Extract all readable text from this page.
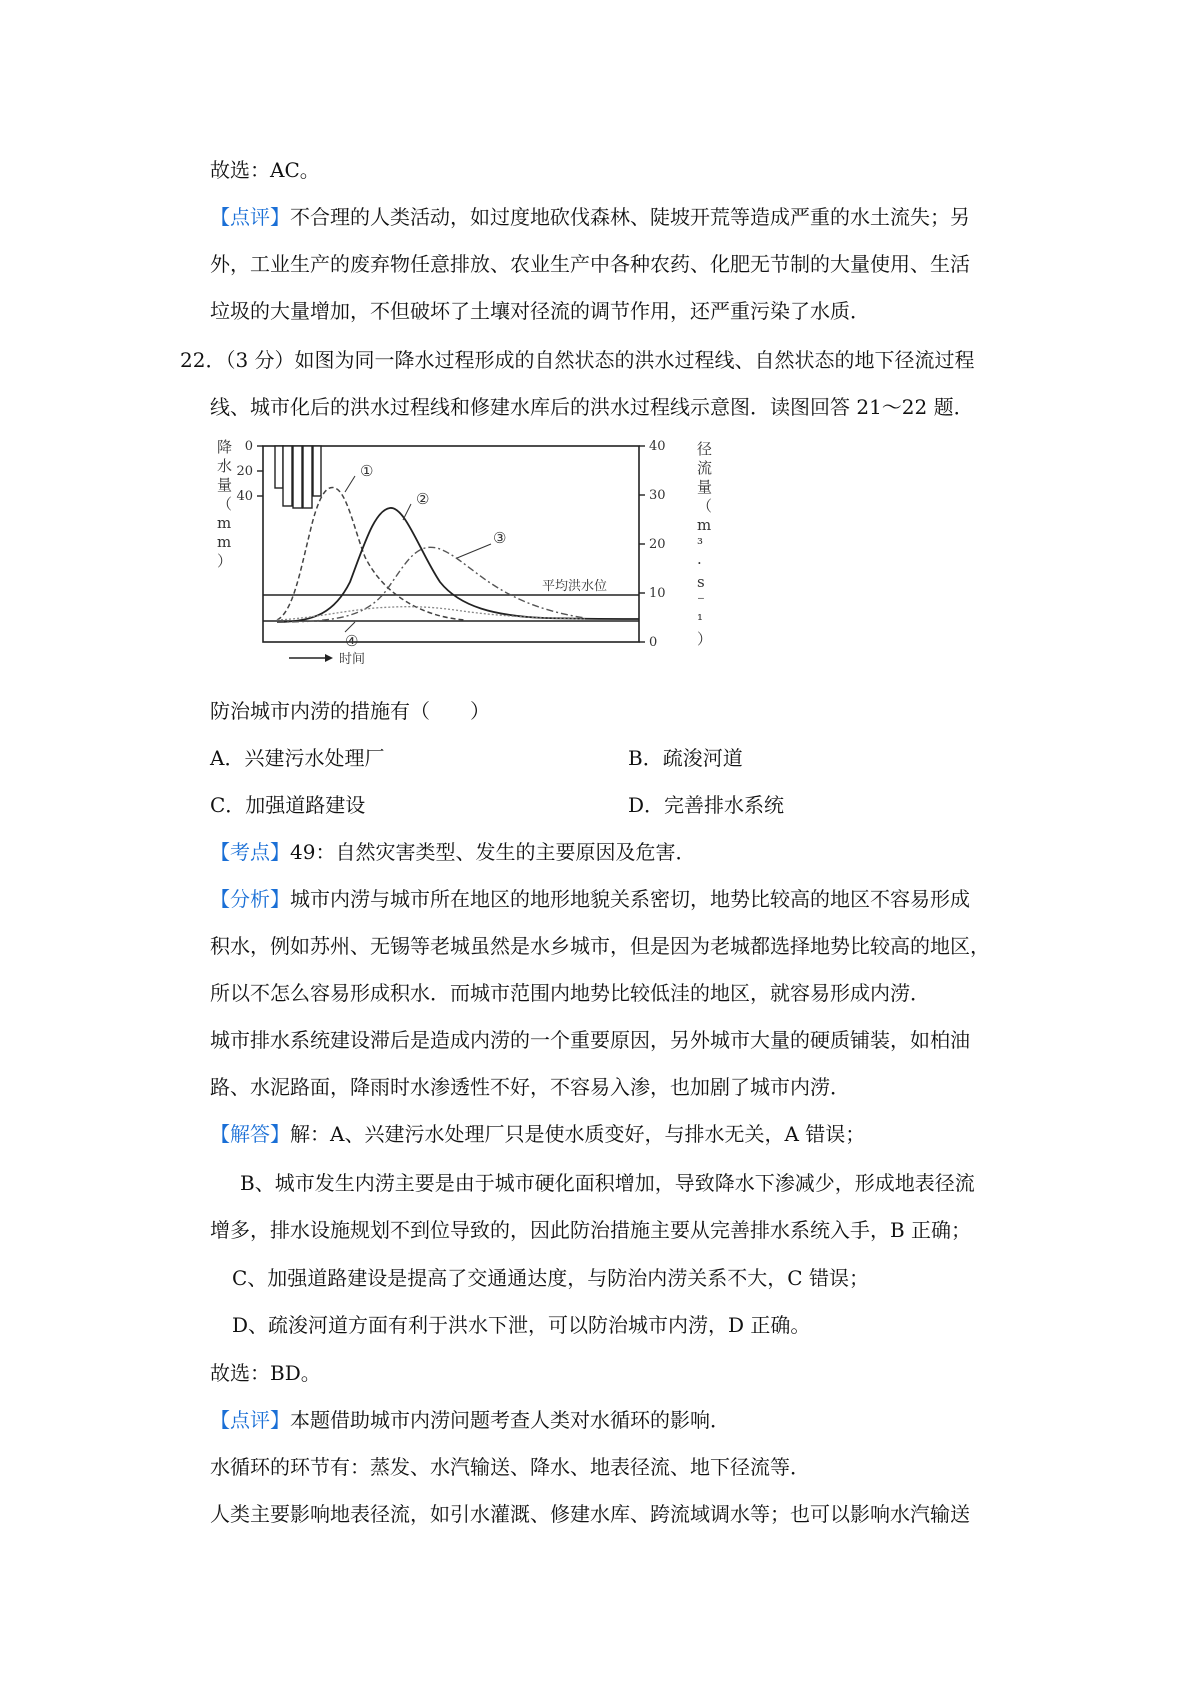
故选：AC。
【点评】不合理的人类活动，如过度地砍伐森林、陡坡开荒等造成严重的水土流失；另
外，工业生产的废弃物任意排放、农业生产中各种农药、化肥无节制的大量使用、生活
垃圾的大量增加，不但破坏了土壤对径流的调节作用，还严重污染了水质．
22．（3 分）如图为同一降水过程形成的自然状态的洪水过程线、自然状态的地下径流过程
线、城市化后的洪水过程线和修建水库后的洪水过程线示意图．读图回答 21～22 题．
0
20
40
40
30
20
10
0
降水量（ m m ）
径流量（ m ³ · s ⁻ ¹ ）
平均洪水位
①
②
③
④
时间
防治城市内涝的措施有（　　）
A．兴建污水处理厂	B．疏浚河道
C．加强道路建设	D．完善排水系统
【考点】49：自然灾害类型、发生的主要原因及危害．
【分析】城市内涝与城市所在地区的地形地貌关系密切，地势比较高的地区不容易形成
积水，例如苏州、无锡等老城虽然是水乡城市，但是因为老城都选择地势比较高的地区，
所以不怎么容易形成积水．而城市范围内地势比较低洼的地区，就容易形成内涝．
城市排水系统建设滞后是造成内涝的一个重要原因，另外城市大量的硬质铺装，如柏油
路、水泥路面，降雨时水渗透性不好，不容易入渗，也加剧了城市内涝．
【解答】解：A、兴建污水处理厂只是使水质变好，与排水无关，A 错误；
B、城市发生内涝主要是由于城市硬化面积增加，导致降水下渗减少，形成地表径流
增多，排水设施规划不到位导致的，因此防治措施主要从完善排水系统入手，B 正确；
C、加强道路建设是提高了交通通达度，与防治内涝关系不大，C 错误；
D、疏浚河道方面有利于洪水下泄，可以防治城市内涝，D 正确。
故选：BD。
【点评】本题借助城市内涝问题考查人类对水循环的影响．
水循环的环节有：蒸发、水汽输送、降水、地表径流、地下径流等．
人类主要影响地表径流，如引水灌溉、修建水库、跨流域调水等；也可以影响水汽输送
